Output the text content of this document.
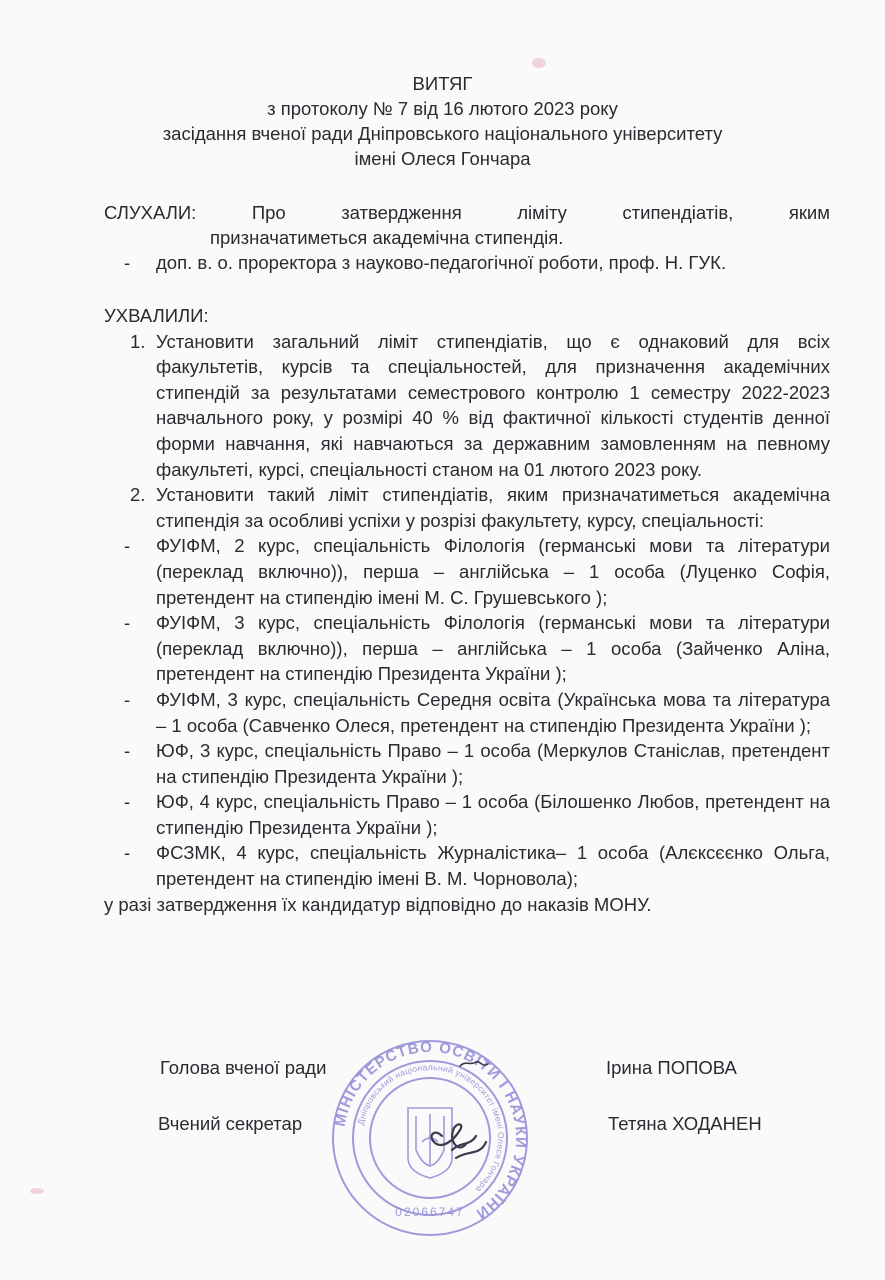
ВИТЯГ
з протоколу № 7 від 16 лютого 2023 року
засідання вченої ради Дніпровського національного університету
імені Олеся Гончара
СЛУХАЛИ:	Про	затвердження	ліміту	стипендіатів,	яким
призначатиметься академічна стипендія.
- доп. в. о. проректора з науково-педагогічної роботи, проф. Н. ГУК.
УХВАЛИЛИ:
1. Установити загальний ліміт стипендіатів, що є однаковий для всіх факультетів, курсів та спеціальностей, для призначення академічних стипендій за результатами семестрового контролю 1 семестру 2022-2023 навчального року, у розмірі 40 % від фактичної кількості студентів денної форми навчання, які навчаються за державним замовленням на певному факультеті, курсі, спеціальності станом на 01 лютого 2023 року.
2. Установити такий ліміт стипендіатів, яким призначатиметься академічна стипендія за особливі успіхи у розрізі факультету, курсу, спеціальності:
- ФУІФМ, 2 курс, спеціальність Філологія (германські мови та літератури (переклад включно)), перша – англійська – 1 особа (Луценко Софія, претендент на стипендію імені М. С. Грушевського );
- ФУІФМ, 3 курс, спеціальність Філологія (германські мови та літератури (переклад включно)), перша – англійська – 1 особа (Зайченко Аліна, претендент на стипендію Президента України );
- ФУІФМ, 3 курс, спеціальність Середня освіта (Українська мова та література – 1 особа (Савченко Олеся, претендент на стипендію Президента України );
- ЮФ, 3 курс, спеціальність Право – 1 особа (Меркулов Станіслав, претендент на стипендію Президента України );
- ЮФ, 4 курс, спеціальність Право – 1 особа (Білошенко Любов, претендент на стипендію Президента України );
- ФСЗМК, 4 курс, спеціальність Журналістика– 1 особа (Алєксєєнко Ольга, претендент на стипендію імені В. М. Чорновола);
у разі затвердження їх кандидатур відповідно до наказів МОНУ.
Голова вченої ради	Ірина ПОПОВА
Вчений секретар	Тетяна ХОДАНЕН
МІНІСТЕРСТВО ОСВІТИ І НАУКИ УКРАЇНИ
Дніпровський національний університет імені Олеся Гончара
02066747
